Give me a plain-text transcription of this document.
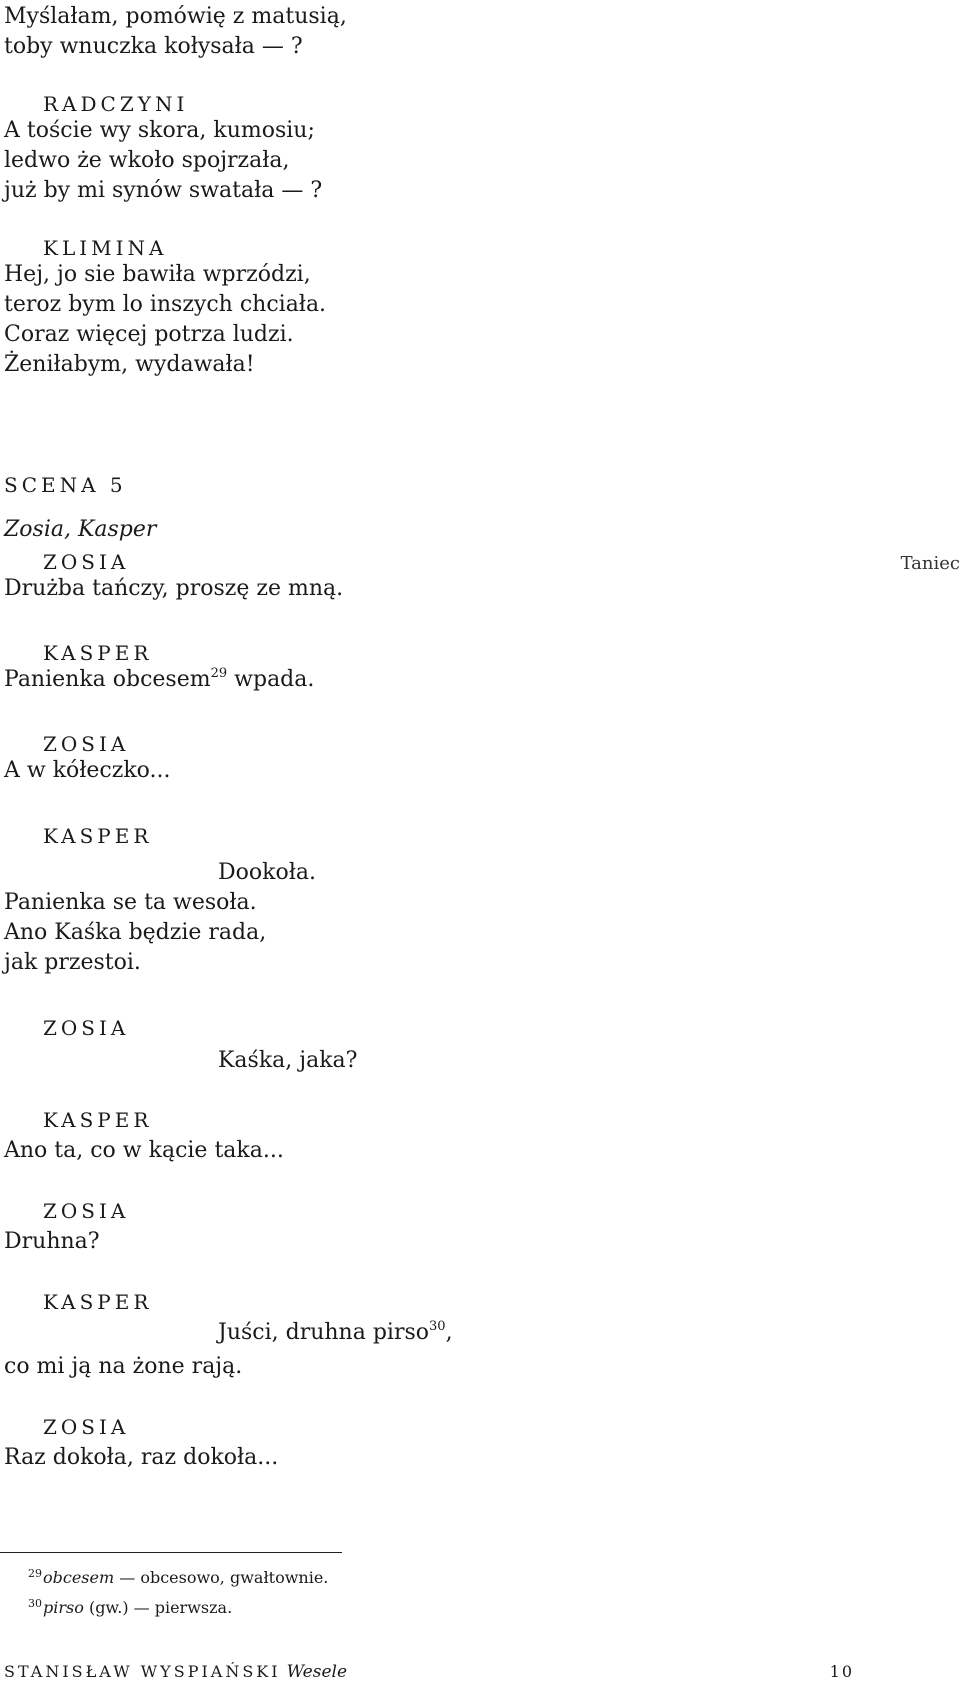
Myślałam, pomówię z matusią,
toby wnuczka kołysała — ?
RADCZYNI
A toście wy skora, kumosiu;
ledwo że wkoło spojrzała,
już by mi synów swatała — ?
KLIMINA
Hej, jo sie bawiła wprzódzi,
teroz bym lo inszych chciała.
Coraz więcej potrza ludzi.
Żeniłabym, wydawała!
SCENA 5
Zosia, Kasper
Taniec
ZOSIA
Drużba tańczy, proszę ze mną.
KASPER
Panienka obcesem$^{29}$ wpada.
ZOSIA
A w kółeczko...
KASPER
Dookoła.
Panienka se ta wesoła.
Ano Kaśka będzie rada,
jak przestoi.
ZOSIA
Kaśka, jaka?
KASPER
Ano ta, co w kącie taka...
ZOSIA
Druhna?
KASPER
Juści, druhna pirso$^{30}$,
co mi ją na żone rają.
ZOSIA
Raz dokoła, raz dokoła...
$^{29}$obcesem — obcesowo, gwałtownie.
$^{30}$pirso (gw.) — pierwsza.
STANISŁAW WYSPIAŃSKI Wesele	10
